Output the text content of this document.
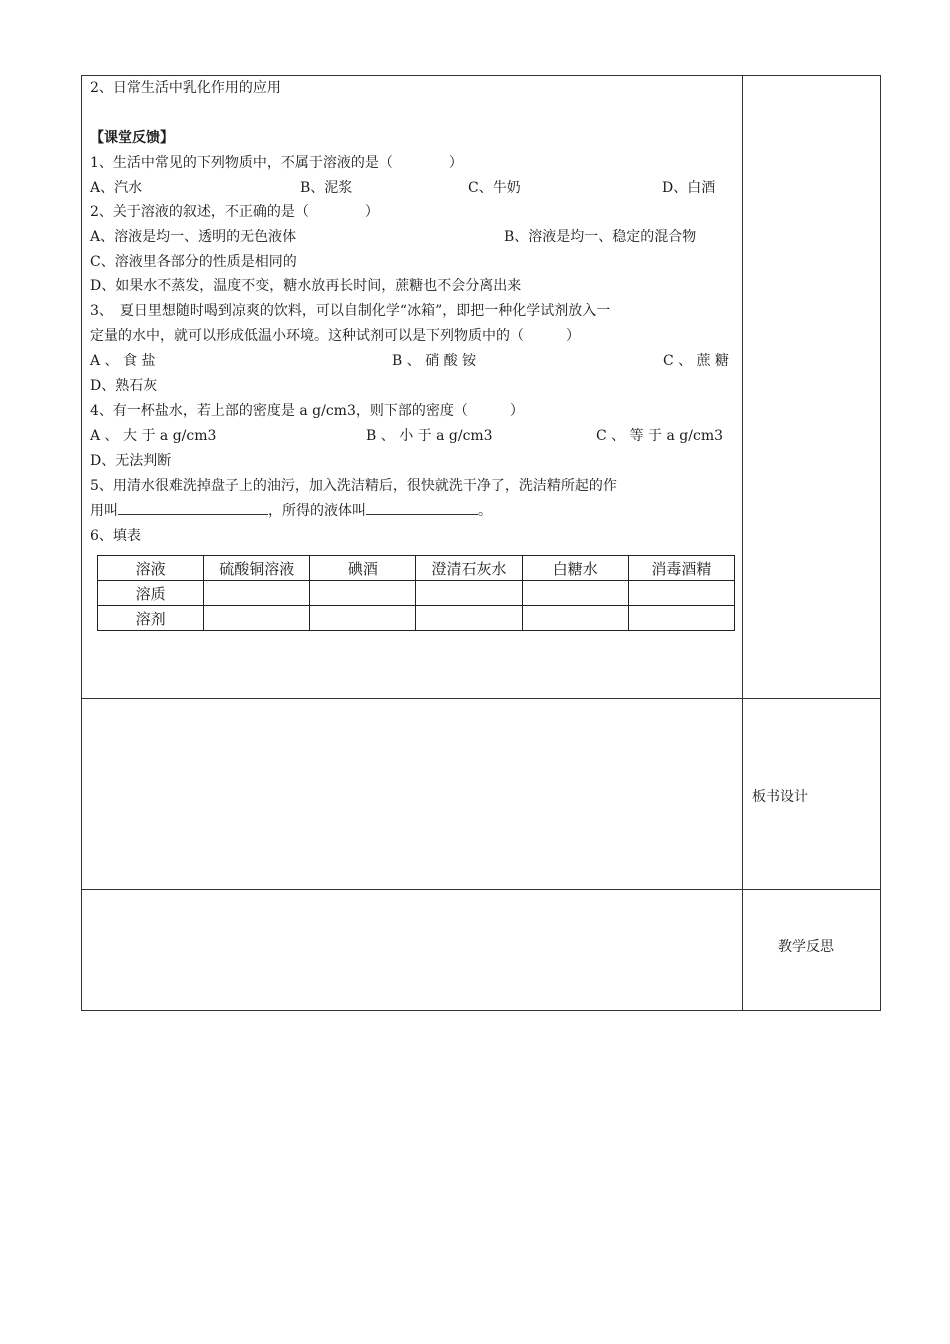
2、日常生活中乳化作用的应用
【课堂反馈】
1、生活中常见的下列物质中，不属于溶液的是（　　　　）
A、汽水	B、泥浆	C、牛奶	D、白酒
2、关于溶液的叙述，不正确的是（　　　　）
A、溶液是均一、透明的无色液体	B、溶液是均一、稳定的混合物
C、溶液里各部分的性质是相同的
D、如果水不蒸发，温度不变，糖水放再长时间，蔗糖也不会分离出来
3、　夏日里想随时喝到凉爽的饮料，可以自制化学“冰箱”，即把一种化学试剂放入一
定量的水中，就可以形成低温小环境。这种试剂可以是下列物质中的（　　　）
A 、 食 盐	B 、 硝 酸 铵	C 、 蔗 糖
D、熟石灰
4、有一杯盐水，若上部的密度是 a g/cm3，则下部的密度（　　　）
A 、 大 于 a g/cm3	B 、 小 于 a g/cm3	C 、 等 于 a g/cm3
D、无法判断
5、用清水很难洗掉盘子上的油污，加入洗洁精后，很快就洗干净了，洗洁精所起的作
用叫	，所得的液体叫	。
6、填表
溶液	硫酸铜溶液	碘酒	澄清石灰水	白糖水	消毒酒精
溶质					
溶剂					
板书设计
教学反思
